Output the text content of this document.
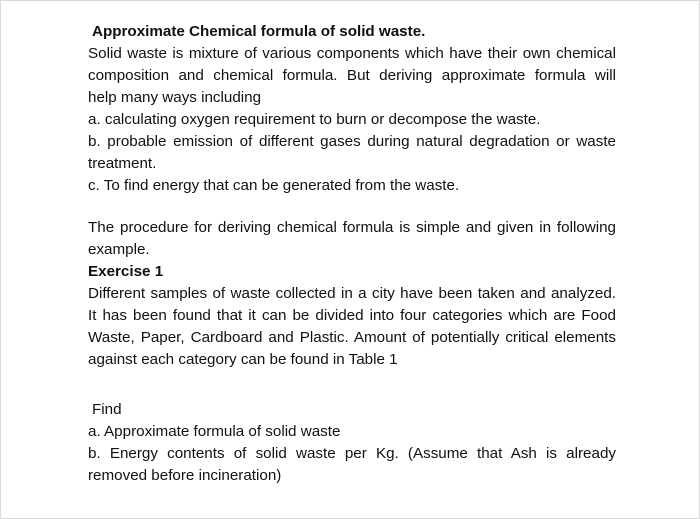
Approximate Chemical formula of solid waste.
Solid waste is mixture of various components which have their own chemical
composition and chemical formula. But deriving approximate formula will
help many ways including
a. calculating oxygen requirement to burn or decompose the waste.
b. probable emission of different gases during natural degradation or waste
treatment.
c. To find energy that can be generated from the waste.
The procedure for deriving chemical formula is simple and given in following
example.
Exercise 1
Different samples of waste collected in a city have been taken and analyzed.
It has been found that it can be divided into four categories which are Food
Waste, Paper, Cardboard and Plastic. Amount of potentially critical elements
against each category can be found in Table 1
Find
a. Approximate formula of solid waste
b. Energy contents of solid waste per Kg. (Assume that Ash is already
removed before incineration)
